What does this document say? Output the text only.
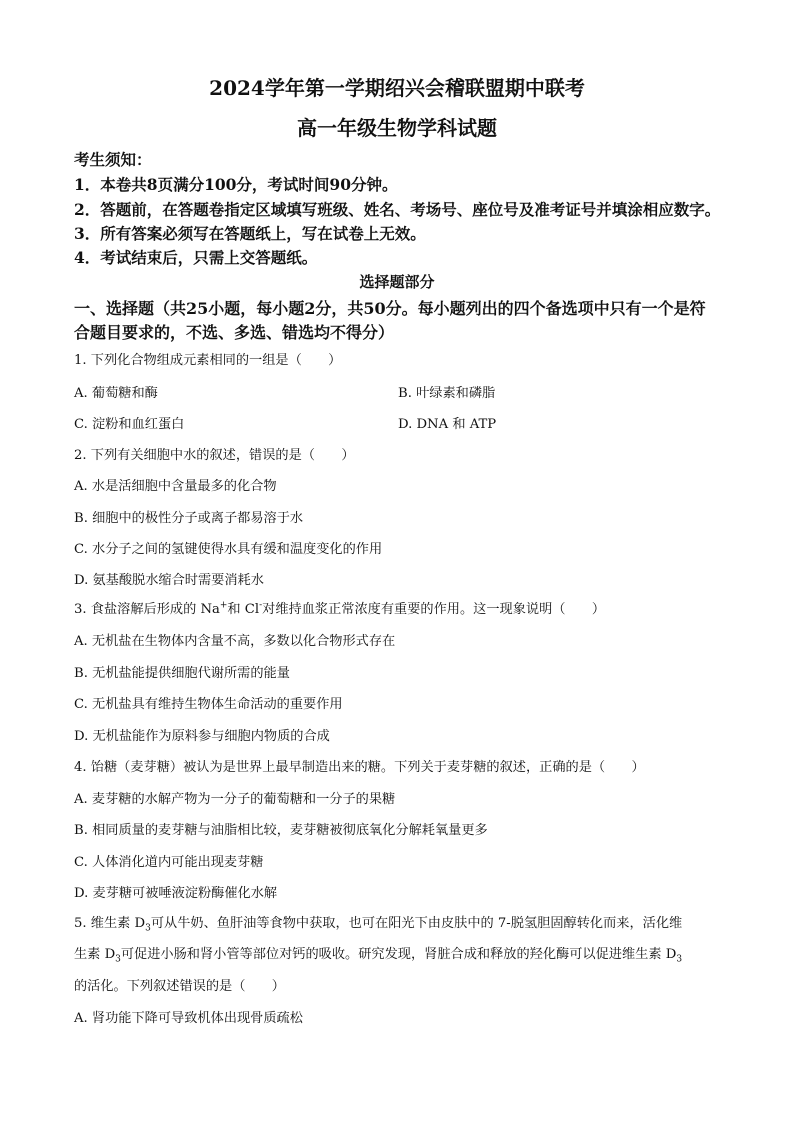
2024学年第一学期绍兴会稽联盟期中联考
高一年级生物学科试题
考生须知：
1．本卷共8页满分100分，考试时间90分钟。
2．答题前，在答题卷指定区域填写班级、姓名、考场号、座位号及准考证号并填涂相应数字。
3．所有答案必须写在答题纸上，写在试卷上无效。
4．考试结束后，只需上交答题纸。
选择题部分
一、选择题（共25小题，每小题2分，共50分。每小题列出的四个备选项中只有一个是符
合题目要求的，不选、多选、错选均不得分）
1. 下列化合物组成元素相同的一组是（　　）
A. 葡萄糖和酶	B. 叶绿素和磷脂
C. 淀粉和血红蛋白	D. DNA 和 ATP
2. 下列有关细胞中水的叙述，错误的是（　　）
A. 水是活细胞中含量最多的化合物
B. 细胞中的极性分子或离子都易溶于水
C. 水分子之间的氢键使得水具有缓和温度变化的作用
D. 氨基酸脱水缩合时需要消耗水
3. 食盐溶解后形成的 Na+和 Cl-对维持血浆正常浓度有重要的作用。这一现象说明（　　）
A. 无机盐在生物体内含量不高，多数以化合物形式存在
B. 无机盐能提供细胞代谢所需的能量
C. 无机盐具有维持生物体生命活动的重要作用
D. 无机盐能作为原料参与细胞内物质的合成
4. 饴糖（麦芽糖）被认为是世界上最早制造出来的糖。下列关于麦芽糖的叙述，正确的是（　　）
A. 麦芽糖的水解产物为一分子的葡萄糖和一分子的果糖
B. 相同质量的麦芽糖与油脂相比较，麦芽糖被彻底氧化分解耗氧量更多
C. 人体消化道内可能出现麦芽糖
D. 麦芽糖可被唾液淀粉酶催化水解
5. 维生素 $D_3$可从牛奶、鱼肝油等食物中获取，也可在阳光下由皮肤中的 7-脱氢胆固醇转化而来，活化维
生素 $D_3$可促进小肠和肾小管等部位对钙的吸收。研究发现，肾脏合成和释放的羟化酶可以促进维生素 $D_3$
的活化。下列叙述错误的是（　　）
A. 肾功能下降可导致机体出现骨质疏松
